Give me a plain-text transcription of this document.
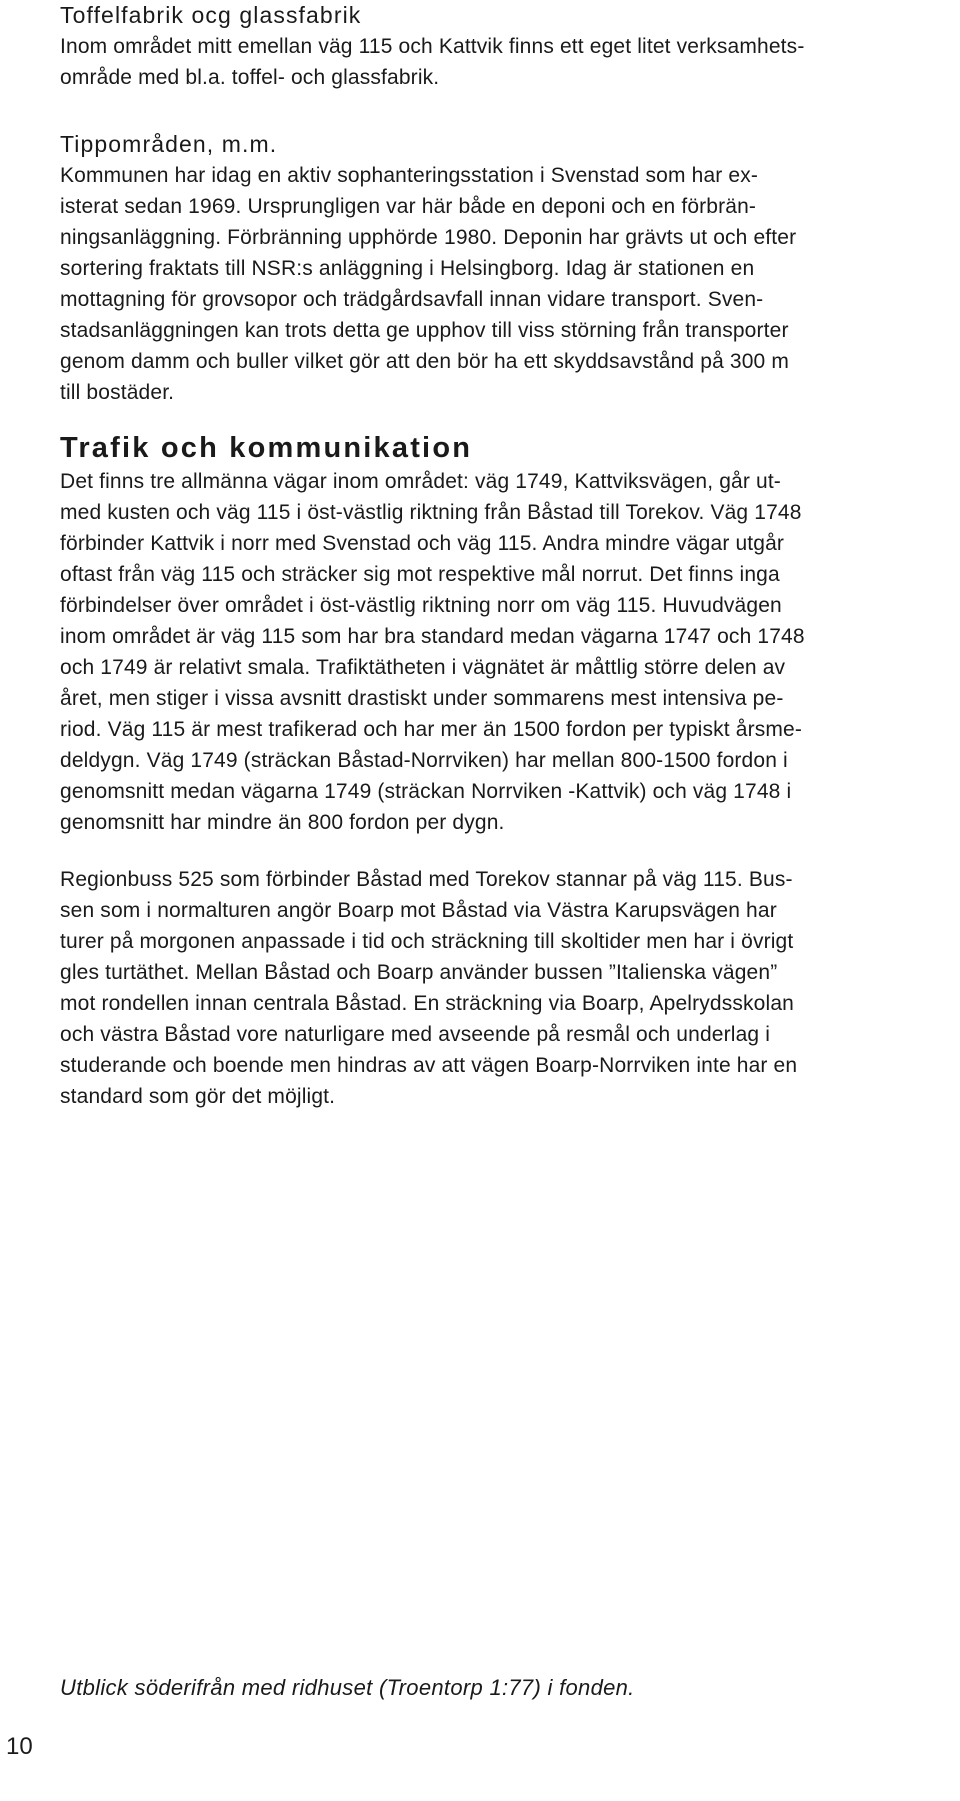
Toffelfabrik ocg glassfabrik
Inom området mitt emellan väg 115 och Kattvik finns ett eget litet verksamhets-
område med bl.a. toffel- och glassfabrik.
Tippområden, m.m.
Kommunen har idag en aktiv sophanteringsstation i Svenstad som har ex-
isterat sedan 1969. Ursprungligen var här både en deponi och en förbrän-
ningsanläggning. Förbränning upphörde 1980. Deponin har grävts ut och efter
sortering fraktats till NSR:s anläggning i Helsingborg. Idag är stationen en
mottagning för grovsopor och trädgårdsavfall innan vidare transport. Sven-
stadsanläggningen kan trots detta ge upphov till viss störning från transporter
genom damm och buller vilket gör att den bör ha ett skyddsavstånd på 300 m
till bostäder.
Trafik och kommunikation
Det finns tre allmänna vägar inom området: väg 1749, Kattviksvägen, går ut-
med kusten och väg 115 i öst-västlig riktning från Båstad till Torekov. Väg 1748
förbinder Kattvik i norr med Svenstad och väg 115. Andra mindre vägar utgår
oftast från väg 115 och sträcker sig mot respektive mål norrut. Det finns inga
förbindelser över området i öst-västlig riktning norr om väg 115. Huvudvägen
inom området är väg 115 som har bra standard medan vägarna 1747 och 1748
och 1749 är relativt smala. Trafiktätheten i vägnätet är måttlig större delen av
året, men stiger i vissa avsnitt drastiskt under sommarens mest intensiva pe-
riod. Väg 115 är mest trafikerad och har mer än 1500 fordon per typiskt årsme-
deldygn. Väg 1749 (sträckan Båstad-Norrviken) har mellan 800-1500 fordon i
genomsnitt medan vägarna 1749 (sträckan Norrviken -Kattvik) och väg 1748 i
genomsnitt har mindre än 800 fordon per dygn.
Regionbuss 525 som förbinder Båstad med Torekov stannar på väg 115. Bus-
sen som i normalturen angör Boarp mot Båstad via Västra Karupsvägen har
turer på morgonen anpassade i tid och sträckning till skoltider men har i övrigt
gles turtäthet. Mellan Båstad och Boarp använder bussen ”Italienska vägen”
mot rondellen innan centrala Båstad. En sträckning via Boarp, Apelrydsskolan
och västra Båstad vore naturligare med avseende på resmål och underlag i
studerande och boende men hindras av att vägen Boarp-Norrviken inte har en
standard som gör det möjligt.
Utblick söderifrån med ridhuset (Troentorp 1:77) i fonden.
10
